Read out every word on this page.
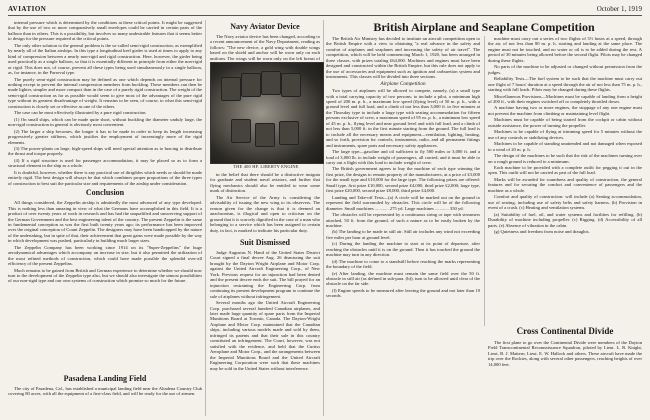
AVIATION	October 1, 1919

internal pressure which is determined by the conditions at these critical points. It might be suggested that by the use of two or more comparatively small envelopes could be carried in certain parts of the balloon than in others. This is a possibility, but involves so many undesirable features that it seems better to design for the pressure required at the critical points.

The only other solution to the general problem is the so-called semi-rigid construction, as exemplified by nearly all of the Italian airships. In this type a longitudinal keel girder is used at times to apply to any kind of compression between a nearly non-rigid and rigid construction. Here, however, the girder being used practically as a single balloon, so that it is essentially different in principle from either the non-rigid or rigid. This does not, of course, prevent all these types being used simultaneously in a single balloon, as, for instance, in the Parseval type.

The purely semi-rigid construction may be defined as one which depends on internal pressure for nothing except to prevent the internal compression members from buckling. These members can then be made lighter, simpler and more compact than in the case of a purely rigid construction. The weight of the semi-rigid construction as far as possible would seem to give most of the advantages of the pure rigid type without its greatest disadvantage of weight. It remains to be seen, of course, to what this semi-rigid construction is closely set or effective as one of the others.

The case can be most effectively illustrated by a pure rigid construction.

(1) On small ships, which can be made quite short, without buckling the diameter unduly large, the non-rigid construction in general is obviously most convenient.

(2) The larger a ship becomes, the longer it has to be made in order to keep its length increasing progressively greater stiffness, which justifies the employment of increasingly more of the rigid elements.

(3) The power-plants on large, high-speed ships will need special attention as to bracing to distribute the thrust and torque properly.

(4) If a rigid structure is used for passenger accommodation, it may be placed so as to form a structural element in the ship as a whole.

It is doubtful, however, whether there is any practical use of dirigibles which needs or should be made entirely rigid. The best design will always be that which combines proper proportions of the three types of construction to best suit the particular size and requirements of the airship under consideration.

Conclusion

All things considered, the Zeppelin airship is admittedly the most advanced of any type developed. This is nothing less than amazing in view of what the Germans have accomplished in this field. It is a product of over twenty years of work in research and has had the unqualified and unswerving support of the German Government and the best engineering talent of the country. The present Zeppelin is the same in fundamental conception as was the first built twenty years ago; its performance has been improved over the original conception of Count Zeppelin. The designers may have been handicapped by the nature of the undertaking, but in spite of that, their achievement that great gains were made possible by the way in which development was pushed, particularly in building much larger sizes.

The Zeppelin Company has been working since 1914 on its "Super-Zeppelins" the huge aerodynamical advantages which accompany an increase in size, but it also permitted the utilization of the most refined methods of construction, which could have made possible the splendid over-all efficiency of the present Zeppelins.

Much remains to be gained from British and German experience to determine whether we should now turn to the development of the Zeppelin type also, but we should also investigate the utmost possibilities of our non-rigid type and our own systems of construction which promise so much for the future.

Pasadena Landing Field

The city of Pasadena, Cal., has established a municipal landing field near the Altadena Country Club covering 80 acres, with all the equipment of a first-class field, and will be ready for the use of airmen.

Navy Aviator Device

The Navy aviator device has been changed, according to a recent announcement of the Navy Department, reading as follows: "The new device, a gold wing with double wings based on the shield and anchor will be worn only on each uniform. The wings will be worn only on the left breast of

THE 400 HP. LIBERTY ENGINE

in the belief that there should be a distinctive insignia for graduate and student naval aviators, and further that flying mechanics should also be entitled to wear some mark of distinction.

The Air Service of the Army is considering the advisability of issuing the new wing to its observers. The reason given for the change is that it is deemed an anachronism, is illogical and open to criticism on the ground that it is scarcely dignified in the case of a man who belonging to a service which has been assigned to certain duty, in fact, is marked to indicate his particular duty.

Suit Dismissed

Judge Augustus N. Hand of the United States District Court signed a final decree Aug. 26 dismissing the suit brought by the Dayton Wright Airplane and Motor Corp. against the United Aircraft Engineering Corp., of New York. Previous request for an injunction had been denied and the present decree ends the suit. The bill prayed for an injunction restraining the Engineering Corp. from continuing its present development program to continue the sale of airplanes without infringement.

Several months ago the United Aircraft Engineering Corp. purchased several hundred Canadian airplanes, and later made large quantity of spare parts from the Imperial Munitions Board at Toronto, Canada. The Dayton-Wright Airplane and Motor Corp. maintained that the Canadian ships, including various models made and sold by them, infringed its patents and that their sale in this country constituted an infringement. The Court, however, was not satisfied with the evidence, and held that the Curtiss Aeroplane and Motor Corp., and the arrangements between the Imperial Munitions Board and the United Aircraft Engineering Corporation were such that these machines may be sold in the United States without interference.

British Airplane and Seaplane Competition

The British Air Ministry has decided to institute an aircraft competition open to the British Empire with a view to obtaining "a real advance in the safety and comfort of airplanes and seaplanes and increasing the safety of air travel". The competition, which will be held commencing March 1, 1920, has been arranged in three classes, with prizes totaling £64,000. Machines and engines must have been designed and constructed within the British Empire, but this rule does not apply to the use of accessories and equipment such as ignition and carburetion system and instruments. This classes will be divided into three sections.

Airplane Competition

Two types of airplanes will be allowed to compete, namely, (a) a small type with a total carrying capacity of two persons; to include a pilot, a minimum high speed of 200 m. p. h., a maximum low speed (flying level) of 50 m. p. h., with a ground level and full load, and a climb of not less than 3,000 ft. in five minutes at the Thursday type to include a large type with seating accommodation for fifteen persons exclusive of crew, a maximum speed of 95 m. p. h., a minimum low speed of 45 m. p. h., flying level and near ground level and with full load, and a climb of not less than 5,000 ft. in the first minute starting from the ground. The full load is to include all the necessary means and equipment—ventilation, lighting, heating, and so forth, provision for controls, instruments, radio, and all permanent fittings and instruments, spare parts and necessary safety appliances.

The large type—gasoline and oil sufficient to fly 500 miles or 3,000 ft. and a load of 3,000 lb. to include weight of passengers, all carried, and it must be able to carry out a flight with this load to include weight of crew.

The British government agrees to buy the machine of each type winning the first prize, the designs to remain property of the manufacturers, at a price of £3,000 for the small type and £10,000 for the large type. The following prizes are offered: Small type, first prize £10,000, second prize £4,000, third prize £2,000; large type, first prize £20,000, second prize £8,000, third prize £4,000.

Landing and Take-off Tests—(a) A circle will be marked out on the ground to represent the field surrounded by obstacles. This circle will be of the following diameter: Small machines ............ 275 yd. Large machines ............ 350 yd.

The obstacles will be represented by a continuous string or tape with streamers attached, 50 ft. from the ground, of such a nature as to be easily broken by the machine.

(b) The landing to be made in still air. Still air includes any wind not exceeding five miles per hour at ground level.

(c) During the landing the machine to start at its point of departure, after reaching the obstacles until it is on the ground. Then it has touched the ground the machine may turn in any direction.

(d) The machine to come to a standstill before reaching the marks representing the boundary of the field.

(e) After landing, the machine must remain the same field over the 50 ft. obstacle in still air (as defined in sub-para. (b)), turn to be allowed until clear of the obstacle on the far side.

(f) Engine speeds to be measured after leaving the ground and not later than 10 seconds.

machine must carry out a series of two flights of 3½ hours at a speed, through the air, of not less than 80 m. p. h. starting and landing at the same place. The engine must not be touched, and no water or oil is to be added during the test. A period of 30 minutes being allowed before the second flight. Pilots may be changed during these flights.

No parts of the machine to be adjusted or changed without permission from the judges.

Reliability Tests—The fuel system to be such that the machine must carry out one flight of 7 hours' duration at a speed through the air of not less than 75 m. p. h., starting with full loads. Pilots may be changed during these flights.

Miscellaneous Provisions—Machines must be capable of landing from a height of 200 ft., with their engines switched off or completely throttled down.

A machine having two or more engines, the stoppage of any one engine must not prevent the machine from climbing or maintaining level flight.

Machines must be capable of being started from the cockpit or cabin without outside assistance, the power of turning the propeller.

Machines to be capable of flying at trimming speed for 5 minutes without the use of any controls or stabilizing devices.

Machines to be capable of standing unattended and not damaged when exposed to a wind of 20 m. p. h.

The design of the machines to be such that the risk of the machines turning over on a rough ground is reduced to a minimum.

Each machine to be provided with a complete outfit for pegging it out in the open. This outfit will not be carried as part of the full load.

Marks will be awarded for soundness and quality of construction, the general features and for securing the comfort and convenience of passengers and the machine as a whole.

Comfort and quality of construction: will include (a) Seating accommodation, use of seating, including use of safety belts and safety harness. (b) Provision in event of a crash. (c) Heating and ventilation systems.

(a) Suitability of fuel, oil, and water systems and facilities for refilling. (b) Durability of machine including propeller. (c) Rigging. (d) Accessibility of all parts. (e) Absence of vibration in the cabin.

(g) Quietness and freedom from noise and draughts.

Cross Continental Divide

The first plane to go over the Continental Divide were members of the Dayton Field Transcontinental Reconnaissance Squadron, piloted by Lieut. L. R. Knight, Lieut. B. J. Mattern, Lieut. E. W. Hallock and others. These aircraft have made the trip over the Rockies, along with several other passengers, reaching heights of over 14,000 feet.
